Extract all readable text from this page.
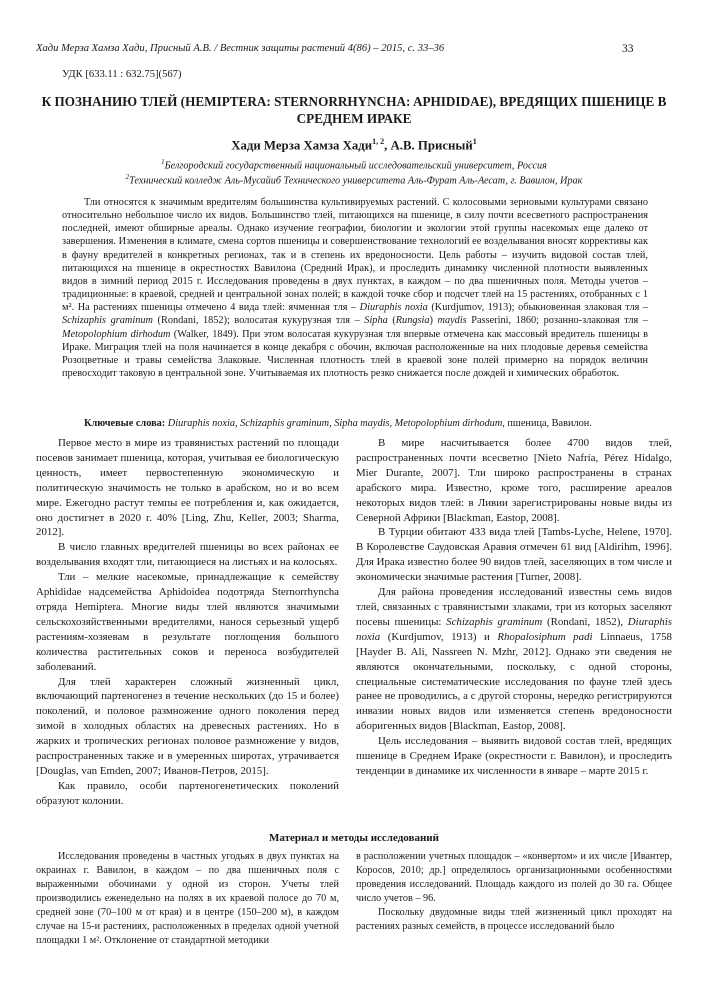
Хади Мерза Хамза Хади, Присный А.В. / Вестник защиты растений 4(86) – 2015, с. 33–36	33
УДК [633.11 : 632.75](567)
К ПОЗНАНИЮ ТЛЕЙ (HEMIPTERA: STERNORRHYNCHA: APHIDIDAE), ВРЕДЯЩИХ ПШЕНИЦЕ В СРЕДНЕМ ИРАКЕ
Хади Мерза Хамза Хади$^{1, 2}$, А.В. Присный$^1$
$^1$Белгородский государственный национальный исследовательский университет, Россия
$^2$Технический колледж Аль-Мусайиб Технического университета Аль-Фурат Аль-Аесат, г. Вавилон, Ирак
Тли относятся к значимым вредителям большинства культивируемых растений. С колосовыми зерновыми культурами связано относительно небольшое число их видов. Большинство тлей, питающихся на пшенице, в силу почти всесветного распространения последней, имеют обширные ареалы. Однако изучение географии, биологии и экологии этой группы насекомых еще далеко от завершения. Изменения в климате, смена сортов пшеницы и совершенствование технологий ее возделывания вносят коррективы как в фауну вредителей в конкретных регионах, так и в степень их вредоносности. Цель работы – изучить видовой состав тлей, питающихся на пшенице в окрестностях Вавилона (Средний Ирак), и проследить динамику численной плотности выявленных видов в зимний период 2015 г. Исследования проведены в двух пунктах, в каждом – по два пшеничных поля. Методы учетов – традиционные: в краевой, средней и центральной зонах полей; в каждой точке сбор и подсчет тлей на 15 растениях, отобранных с 1 м². На растениях пшеницы отмечено 4 вида тлей: ячменная тля – Diuraphis noxia (Kurdjumov, 1913); обыкновенная злаковая тля – Schizaphis graminum (Rondani, 1852); волосатая кукурузная тля – Sipha (Rungsia) maydis Passerini, 1860; розанно-злаковая тля – Metopolophium dirhodum (Walker, 1849). При этом волосатая кукурузная тля впервые отмечена как массовый вредитель пшеницы в Ираке. Миграция тлей на поля начинается в конце декабря с обочин, включая расположенные на них плодовые деревья семейства Розоцветные и травы семейства Злаковые. Численная плотность тлей в краевой зоне полей примерно на порядок величин превосходит таковую в центральной зоне. Учитываемая их плотность резко снижается после дождей и химических обработок.
Ключевые слова: Diuraphis noxia, Schizaphis graminum, Sipha maydis, Metopolophium dirhodum, пшеница, Вавилон.

Первое место в мире из травянистых растений по площади посевов занимает пшеница, которая, учитывая ее биологическую ценность, имеет первостепенную экономическую и политическую значимость не только в арабском, но и во всем мире. Ежегодно растут темпы ее потребления и, как ожидается, оно достигнет в 2020 г. 40% [Ling, Zhu, Keller, 2003; Sharma, 2012].

В число главных вредителей пшеницы во всех районах ее возделывания входят тли, питающиеся на листьях и на колосьях.

Тли – мелкие насекомые, принадлежащие к семейству Aphididae надсемейства Aphidoidea подотряда Sternorrhyncha отряда Hemiptera. Многие виды тлей являются значимыми сельскохозяйственными вредителями, нанося серьезный ущерб растениям-хозяевам в результате поглощения большого количества растительных соков и переноса возбудителей заболеваний.

Для тлей характерен сложный жизненный цикл, включающий партеногенез в течение нескольких (до 15 и более) поколений, и половое размножение одного поколения перед зимой в холодных областях на древесных растениях. Но в жарких и тропических регионах половое размножение у видов, распространенных также и в умеренных широтах, утрачивается [Douglas, van Emden, 2007; Иванов-Петров, 2015].

Как правило, особи партеногенетических поколений образуют колонии.

В мире насчитывается более 4700 видов тлей, распространенных почти всесветно [Nieto Nafría, Pérez Hidalgo, Mier Durante, 2007]. Тли широко распространены в странах арабского мира. Известно, кроме того, расширение ареалов некоторых видов тлей: в Ливии зарегистрированы новые виды из Северной Африки [Blackman, Eastop, 2008].

В Турции обитают 433 вида тлей [Tambs-Lyche, Helene, 1970]. В Королевстве Саудовская Аравия отмечен 61 вид [Aldirihm, 1996]. Для Ирака известно более 90 видов тлей, заселяющих в том числе и экономически значимые растения [Turner, 2008].

Для района проведения исследований известны семь видов тлей, связанных с травянистыми злаками, три из которых заселяют посевы пшеницы: Schizaphis graminum (Rondani, 1852), Diuraphis noxia (Kurdjumov, 1913) и Rhopalosiphum padi Linnaeus, 1758 [Hayder B. Ali, Nassreen N. Mzhr, 2012]. Однако эти сведения не являются окончательными, поскольку, с одной стороны, специальные систематические исследования по фауне тлей здесь ранее не проводились, а с другой стороны, нередко регистрируются инвазии новых видов или изменяется степень вредоносности аборигенных видов [Blackman, Eastop, 2008].

Цель исследования – выявить видовой состав тлей, вредящих пшенице в Среднем Ираке (окрестности г. Вавилон), и проследить тенденции в динамике их численности в январе – марте 2015 г.

Материал и методы исследований

Исследования проведены в частных угодьях в двух пунктах на окраинах г. Вавилон, в каждом – по два пшеничных поля с выраженными обочинами у одной из сторон. Учеты тлей производились еженедельно на полях в их краевой полосе до 70 м, средней зоне (70–100 м от края) и в центре (150–200 м), в каждом случае на 15-и растениях, расположенных в пределах одной учетной площадки 1 м². Отклонение от стандартной методики

в расположении учетных площадок – «конвертом» и их числе [Ивантер, Коросов, 2010; др.] определялось организационными особенностями проведения исследований. Площадь каждого из полей до 30 га. Общее число учетов – 96.

Поскольку двудомные виды тлей жизненный цикл проходят на растениях разных семейств, в процессе исследований было
